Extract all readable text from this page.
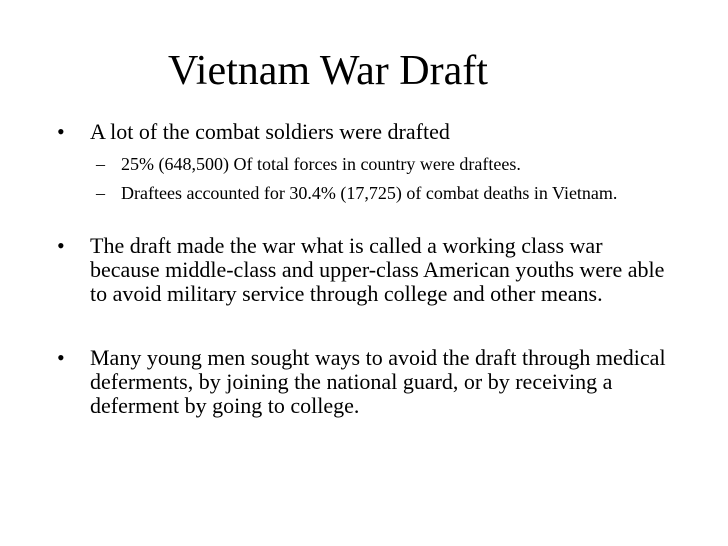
Vietnam War Draft
•	A lot of the combat soldiers were drafted
– 25% (648,500) Of total forces in country were draftees.
– Draftees accounted for 30.4% (17,725) of combat deaths in Vietnam.
•	The draft made the war what is called a working class war because middle-class and upper-class American youths were able to avoid military service through college and other means.
•	Many young men sought ways to avoid the draft through medical deferments, by joining the national guard, or by receiving a deferment by going to college.
